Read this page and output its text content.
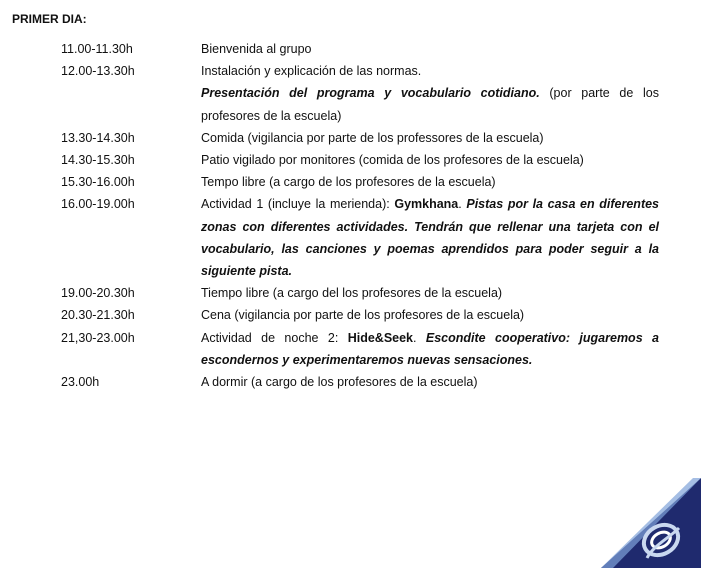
PRIMER DIA:
11.00-11.30h	Bienvenida al grupo
12.00-13.30h	Instalación y explicación de las normas.
Presentación del programa y vocabulario cotidiano. (por parte de los profesores de la escuela)
13.30-14.30h	Comida (vigilancia por parte de los professores de la escuela)
14.30-15.30h	Patio vigilado por monitores (comida de los profesores de la escuela)
15.30-16.00h	Tempo libre (a cargo de los profesores de la escuela)
16.00-19.00h	Actividad 1 (incluye la merienda): Gymkhana. Pistas por la casa en diferentes zonas con diferentes actividades. Tendrán que rellenar una tarjeta con el vocabulario, las canciones y poemas aprendidos para poder seguir a la siguiente pista.
19.00-20.30h	Tiempo libre (a cargo del los profesores de la escuela)
20.30-21.30h	Cena (vigilancia por parte de los profesores de la escuela)
21,30-23.00h	Actividad de noche 2: Hide&Seek. Escondite cooperativo: jugaremos a escondernos y experimentaremos nuevas sensaciones.
23.00h	A dormir (a cargo de los profesores de la escuela)
